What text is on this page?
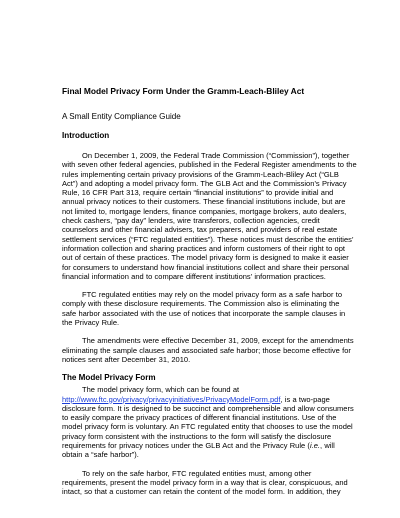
Final Model Privacy Form Under the Gramm-Leach-Bliley Act
A Small Entity Compliance Guide
Introduction
On December 1, 2009, the Federal Trade Commission (“Commission”), together
with seven other federal agencies, published in the Federal Register amendments to the
rules implementing certain privacy provisions of the Gramm-Leach-Bliley Act (“GLB
Act”) and adopting a model privacy form. The GLB Act and the Commission’s Privacy
Rule, 16 CFR Part 313, require certain “financial institutions” to provide initial and
annual privacy notices to their customers. These financial institutions include, but are
not limited to, mortgage lenders, finance companies, mortgage brokers, auto dealers,
check cashers, “pay day” lenders, wire transferors, collection agencies, credit
counselors and other financial advisers, tax preparers, and providers of real estate
settlement services (“FTC regulated entities”). These notices must describe the entities’
information collection and sharing practices and inform customers of their right to opt
out of certain of these practices. The model privacy form is designed to make it easier
for consumers to understand how financial institutions collect and share their personal
financial information and to compare different institutions’ information practices.
FTC regulated entities may rely on the model privacy form as a safe harbor to
comply with these disclosure requirements. The Commission also is eliminating the
safe harbor associated with the use of notices that incorporate the sample clauses in
the Privacy Rule.
The amendments were effective December 31, 2009, except for the amendments
eliminating the sample clauses and associated safe harbor; those become effective for
notices sent after December 31, 2010.
The Model Privacy Form
The model privacy form, which can be found at
http://www.ftc.gov/privacy/privacyinitiatives/PrivacyModelForm.pdf, is a two-page
disclosure form. It is designed to be succinct and comprehensible and allow consumers
to easily compare the privacy practices of different financial institutions. Use of the
model privacy form is voluntary. An FTC regulated entity that chooses to use the model
privacy form consistent with the instructions to the form will satisfy the disclosure
requirements for privacy notices under the GLB Act and the Privacy Rule (i.e., will
obtain a “safe harbor”).
To rely on the safe harbor, FTC regulated entities must, among other
requirements, present the model privacy form in a way that is clear, conspicuous, and
intact, so that a customer can retain the content of the model form. In addition, they
